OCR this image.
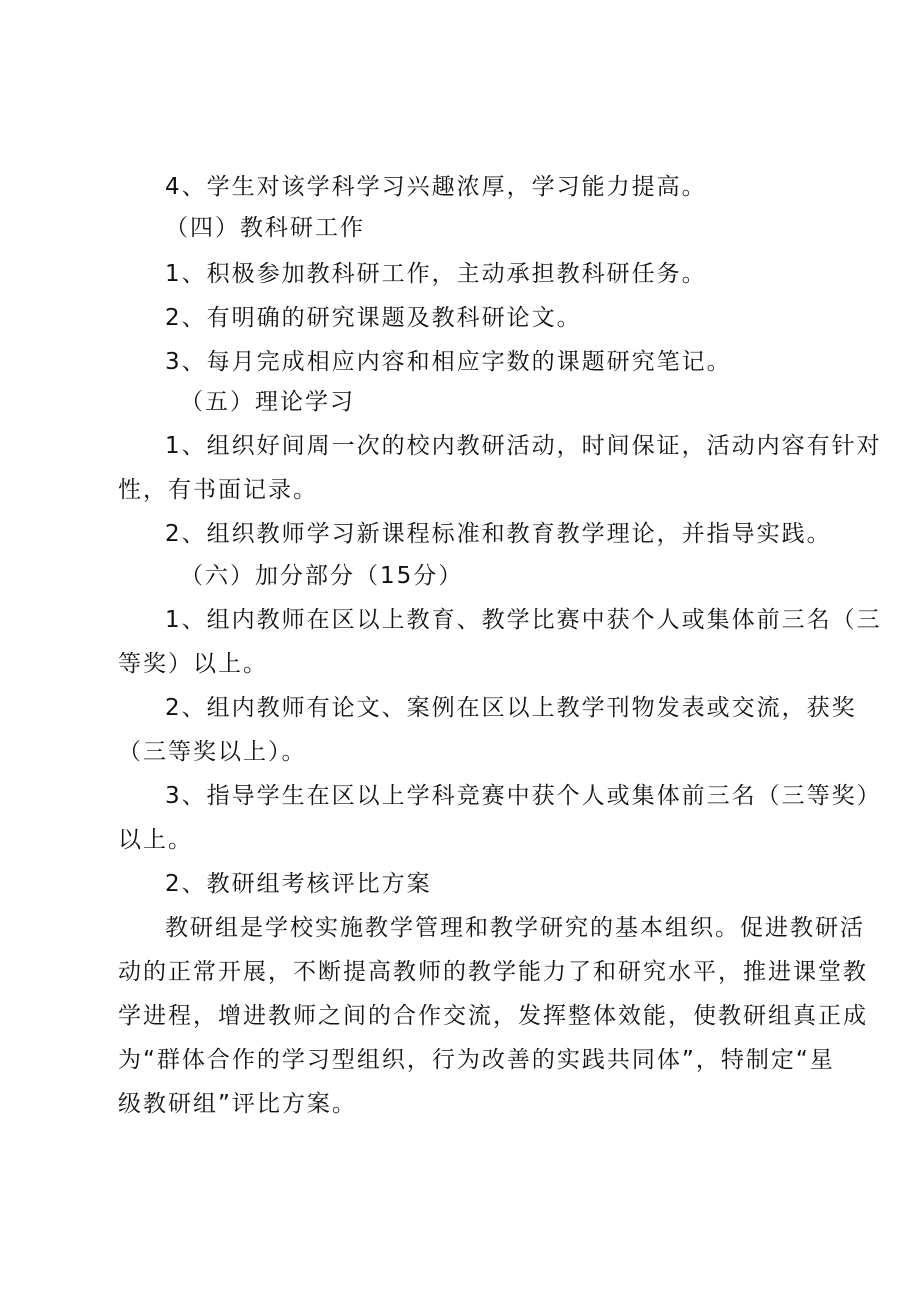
4、学生对该学科学习兴趣浓厚，学习能力提高。

（四）教科研工作

1、积极参加教科研工作，主动承担教科研任务。

2、有明确的研究课题及教科研论文。

3、每月完成相应内容和相应字数的课题研究笔记。

（五）理论学习

1、组织好间周一次的校内教研活动，时间保证，活动内容有针对

性，有书面记录。

2、组织教师学习新课程标准和教育教学理论，并指导实践。

（六）加分部分（15分）

1、组内教师在区以上教育、教学比赛中获个人或集体前三名（三

等奖）以上。

2、组内教师有论文、案例在区以上教学刊物发表或交流，获奖

（三等奖以上）。

3、指导学生在区以上学科竞赛中获个人或集体前三名（三等奖）

以上。

2、教研组考核评比方案

教研组是学校实施教学管理和教学研究的基本组织。促进教研活

动的正常开展，不断提高教师的教学能力了和研究水平，推进课堂教

学进程，增进教师之间的合作交流，发挥整体效能，使教研组真正成

为“群体合作的学习型组织，行为改善的实践共同体”，特制定“星

级教研组”评比方案。
